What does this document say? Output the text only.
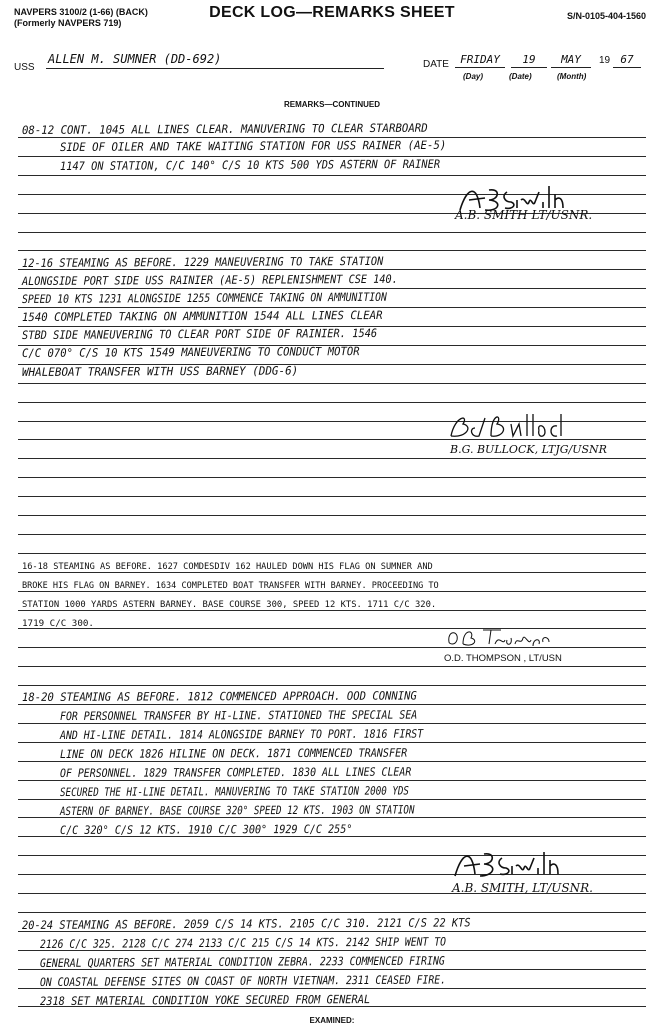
NAVPERS 3100/2 (1-66) (BACK)
(Formerly NAVPERS 719)
DECK LOG—REMARKS SHEET	S/N-0105-404-1560
USS
ALLEN M. SUMNER (DD-692)	DATE	FRIDAY	19	MAY	19 67
(Day)	(Date)	(Month)
REMARKS—CONTINUED
08-12 CONT. 1045 ALL LINES CLEAR. MANUVERING TO CLEAR STARBOARD
SIDE OF OILER AND TAKE WAITING STATION FOR USS RAINER (AE-5)
1147 ON STATION, C/C 140° C/S 10 KTS 500 YDS ASTERN OF RAINER
A.B. SMITH LT/USNR.
12-16 STEAMING AS BEFORE. 1229 MANEUVERING TO TAKE STATION
ALONGSIDE PORT SIDE USS RAINIER (AE-5) REPLENISHMENT CSE 140.
SPEED 10 KTS 1231 ALONGSIDE 1255 COMMENCE TAKING ON AMMUNITION
1540 COMPLETED TAKING ON AMMUNITION 1544 ALL LINES CLEAR
STBD SIDE MANEUVERING TO CLEAR PORT SIDE OF RAINIER. 1546
C/C 070° C/S 10 KTS 1549 MANEUVERING TO CONDUCT MOTOR
WHALEBOAT TRANSFER WITH USS BARNEY (DDG-6)
B.G. BULLOCK, LTJG/USNR
16-18 STEAMING AS BEFORE. 1627 COMDESDIV 162 HAULED DOWN HIS FLAG ON SUMNER AND
BROKE HIS FLAG ON BARNEY. 1634 COMPLETED BOAT TRANSFER WITH BARNEY. PROCEEDING TO
STATION 1000 YARDS ASTERN BARNEY. BASE COURSE 300, SPEED 12 KTS. 1711 C/C 320.
1719 C/C 300.
O.D. THOMPSON , LT/USN
18-20 STEAMING AS BEFORE. 1812 COMMENCED APPROACH. OOD CONNING
FOR PERSONNEL TRANSFER BY HI-LINE. STATIONED THE SPECIAL SEA
AND HI-LINE DETAIL. 1814 ALONGSIDE BARNEY TO PORT. 1816 FIRST
LINE ON DECK 1826 HILINE ON DECK. 1871 COMMENCED TRANSFER
OF PERSONNEL. 1829 TRANSFER COMPLETED. 1830 ALL LINES CLEAR
SECURED THE HI-LINE DETAIL. MANUVERING TO TAKE STATION 2000 YDS
ASTERN OF BARNEY. BASE COURSE 320° SPEED 12 KTS. 1903 ON STATION
C/C 320° C/S 12 KTS. 1910 C/C 300° 1929 C/C 255°
A.B. SMITH, LT/USNR.
20-24 STEAMING AS BEFORE. 2059 C/S 14 KTS. 2105 C/C 310. 2121 C/S 22 KTS
2126 C/C 325. 2128 C/C 274 2133 C/C 215 C/S 14 KTS. 2142 SHIP WENT TO
GENERAL QUARTERS SET MATERIAL CONDITION ZEBRA. 2233 COMMENCED FIRING
ON COASTAL DEFENSE SITES ON COAST OF NORTH VIETNAM. 2311 CEASED FIRE.
2318 SET MATERIAL CONDITION YOKE SECURED FROM GENERAL
EXAMINED:
